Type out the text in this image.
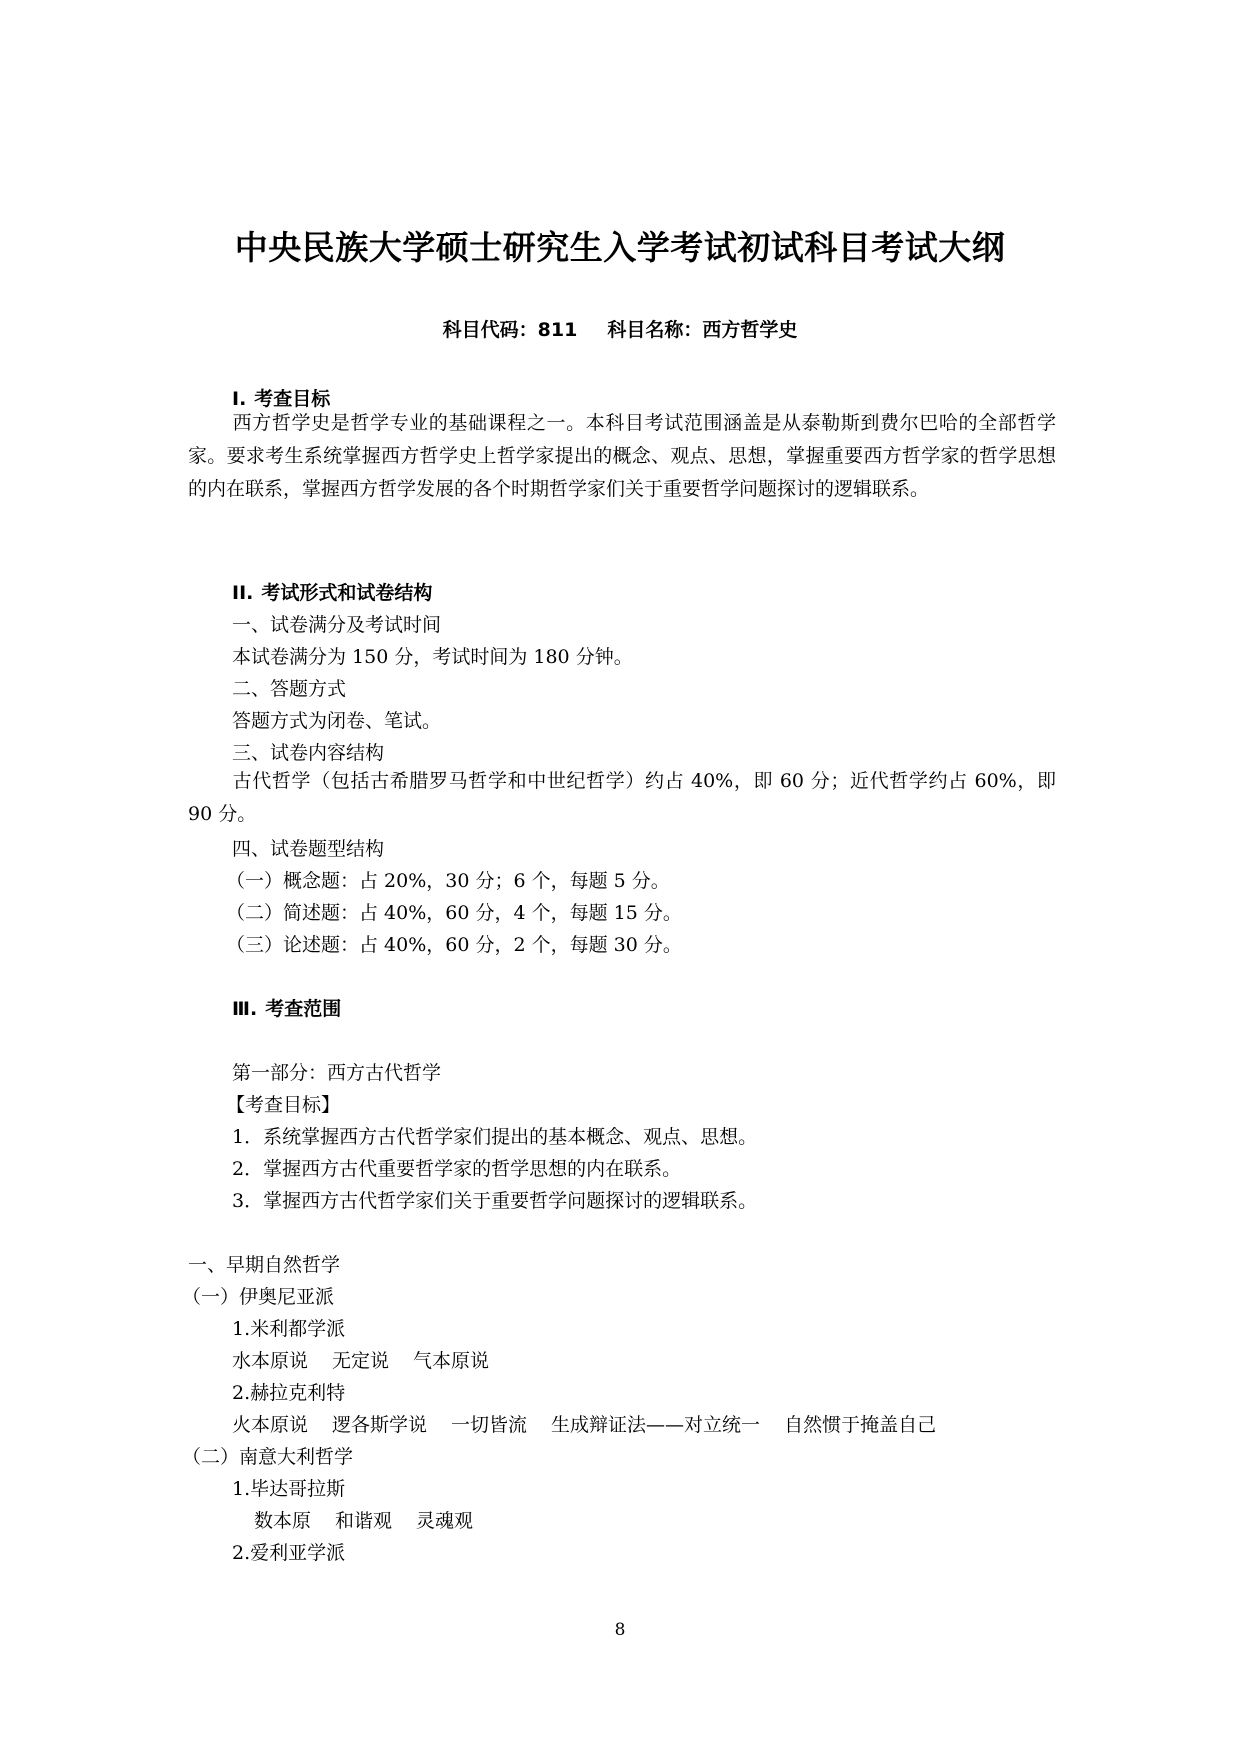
中央民族大学硕士研究生入学考试初试科目考试大纲
科目代码：811 科目名称：西方哲学史
I. 考查目标
西方哲学史是哲学专业的基础课程之一。本科目考试范围涵盖是从泰勒斯到费尔巴哈的全部哲学家。要求考生系统掌握西方哲学史上哲学家提出的概念、观点、思想，掌握重要西方哲学家的哲学思想的内在联系，掌握西方哲学发展的各个时期哲学家们关于重要哲学问题探讨的逻辑联系。
II. 考试形式和试卷结构
一、试卷满分及考试时间
本试卷满分为 150 分，考试时间为 180 分钟。
二、答题方式
答题方式为闭卷、笔试。
三、试卷内容结构
古代哲学（包括古希腊罗马哲学和中世纪哲学）约占 40%，即 60 分；近代哲学约占 60%，即 90 分。
四、试卷题型结构
（一）概念题：占 20%，30 分；6 个，每题 5 分。
（二）简述题：占 40%，60 分，4 个，每题 15 分。
（三）论述题：占 40%，60 分，2 个，每题 30 分。
Ⅲ. 考查范围
第一部分：西方古代哲学
【考查目标】
1．系统掌握西方古代哲学家们提出的基本概念、观点、思想。
2．掌握西方古代重要哲学家的哲学思想的内在联系。
3．掌握西方古代哲学家们关于重要哲学问题探讨的逻辑联系。
一、早期自然哲学
（一）伊奥尼亚派
1.米利都学派
水本原说 无定说 气本原说
2.赫拉克利特
火本原说 逻各斯学说 一切皆流 生成辩证法——对立统一 自然惯于掩盖自己
（二）南意大利哲学
1.毕达哥拉斯
数本原 和谐观 灵魂观
2.爱利亚学派
8
